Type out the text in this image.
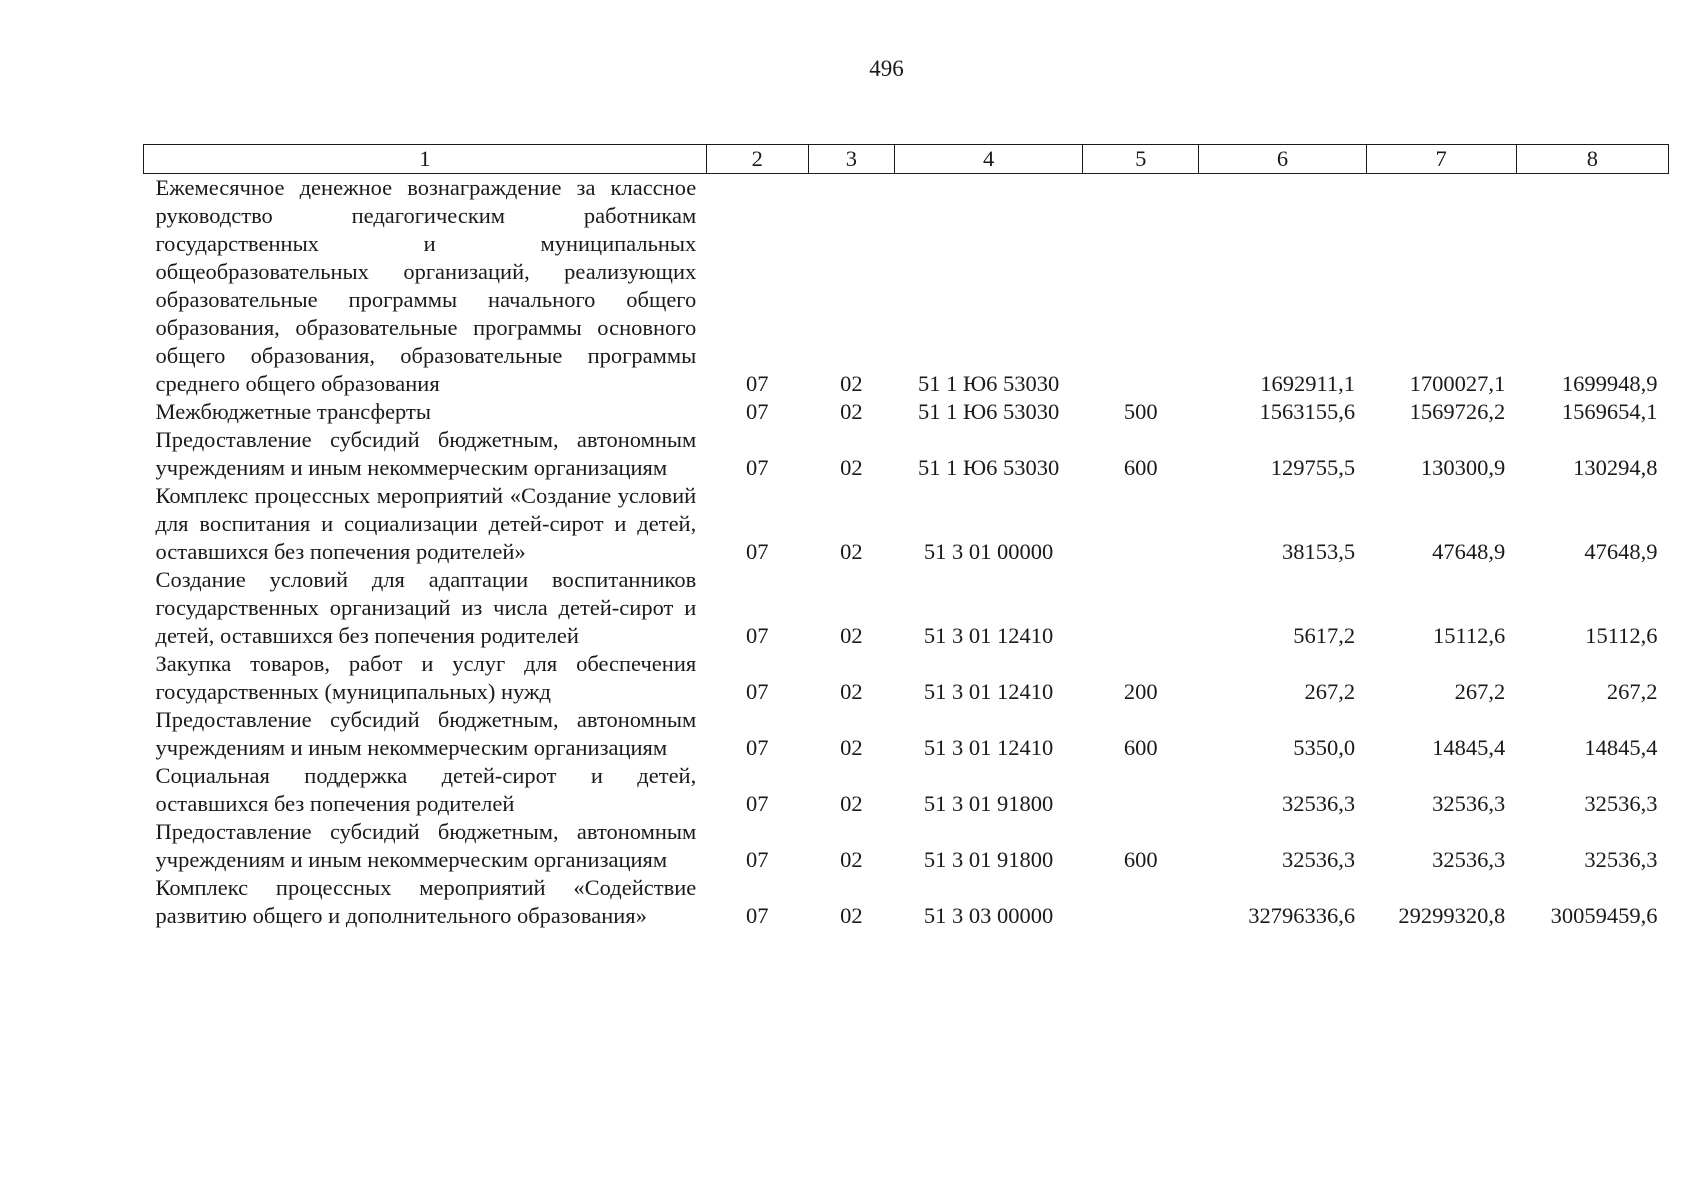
496
1	2	3	4	5	6	7	8
Ежемесячное денежное вознаграждение за классное руководство педагогическим работникам государственных и муниципальных общеобразовательных организаций, реализующих образовательные программы начального общего образования, образовательные программы основного общего образования, образовательные программы среднего общего образования	07	02	51 1 Ю6 53030		1692911,1	1700027,1	1699948,9
Межбюджетные трансферты	07	02	51 1 Ю6 53030	500	1563155,6	1569726,2	1569654,1
Предоставление субсидий бюджетным, автономным учреждениям и иным некоммерческим организациям	07	02	51 1 Ю6 53030	600	129755,5	130300,9	130294,8
Комплекс процессных мероприятий «Создание условий для воспитания и социализации детей-сирот и детей, оставшихся без попечения родителей»	07	02	51 3 01 00000		38153,5	47648,9	47648,9
Создание условий для адаптации воспитанников государственных организаций из числа детей-сирот и детей, оставшихся без попечения родителей	07	02	51 3 01 12410		5617,2	15112,6	15112,6
Закупка товаров, работ и услуг для обеспечения государственных (муниципальных) нужд	07	02	51 3 01 12410	200	267,2	267,2	267,2
Предоставление субсидий бюджетным, автономным учреждениям и иным некоммерческим организациям	07	02	51 3 01 12410	600	5350,0	14845,4	14845,4
Социальная поддержка детей-сирот и детей, оставшихся без попечения родителей	07	02	51 3 01 91800		32536,3	32536,3	32536,3
Предоставление субсидий бюджетным, автономным учреждениям и иным некоммерческим организациям	07	02	51 3 01 91800	600	32536,3	32536,3	32536,3
Комплекс процессных мероприятий «Содействие развитию общего и дополнительного образования»	07	02	51 3 03 00000		32796336,6	29299320,8	30059459,6
